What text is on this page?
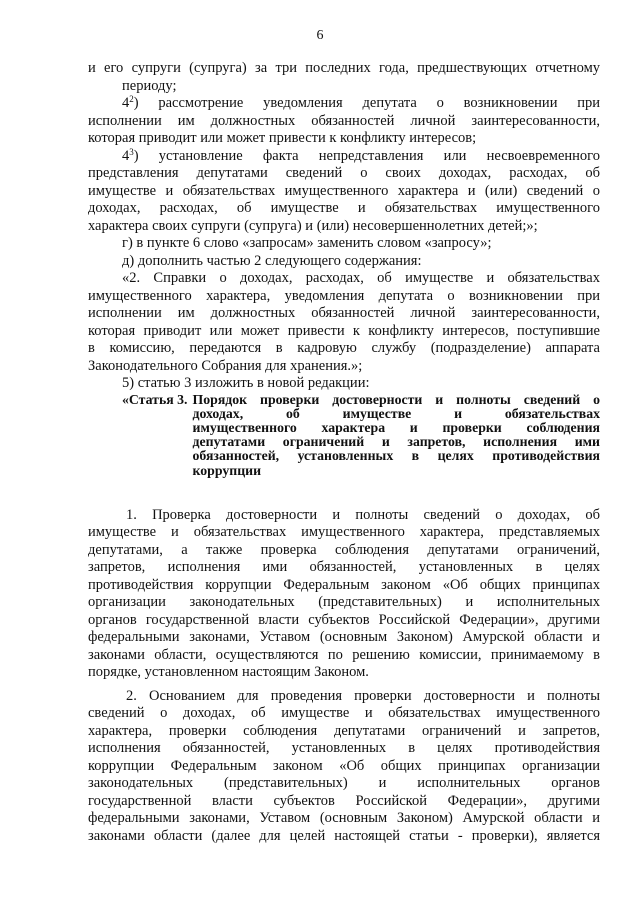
6
и его супруги (супруга) за три последних года, предшествующих отчетному
периоду;
$4^2$) рассмотрение уведомления депутата о возникновении при
исполнении им должностных обязанностей личной заинтересованности,
которая приводит или может привести к конфликту интересов;
$4^3$) установление факта непредставления или несвоевременного
представления депутатами сведений о своих доходах, расходах, об
имуществе и обязательствах имущественного характера и (или) сведений о
доходах, расходах, об имуществе и обязательствах имущественного
характера своих супруги (супруга) и (или) несовершеннолетних детей;»;
г) в пункте 6 слово «запросам» заменить словом «запросу»;
д) дополнить частью 2 следующего содержания:
«2. Справки о доходах, расходах, об имуществе и обязательствах
имущественного характера, уведомления депутата о возникновении при
исполнении им должностных обязанностей личной заинтересованности,
которая приводит или может привести к конфликту интересов, поступившие
в комиссию, передаются в кадровую службу (подразделение) аппарата
Законодательного Собрания для хранения.»;
5) статью 3 изложить в новой редакции:
«Статья 3. Порядок проверки достоверности и полноты сведений о
доходах, об имуществе и обязательствах
имущественного характера и проверки соблюдения
депутатами ограничений и запретов, исполнения ими
обязанностей, установленных в целях противодействия
коррупции
1. Проверка достоверности и полноты сведений о доходах, об
имуществе и обязательствах имущественного характера, представляемых
депутатами, а также проверка соблюдения депутатами ограничений,
запретов, исполнения ими обязанностей, установленных в целях
противодействия коррупции Федеральным законом «Об общих принципах
организации законодательных (представительных) и исполнительных
органов государственной власти субъектов Российской Федерации», другими
федеральными законами, Уставом (основным Законом) Амурской области и
законами области, осуществляются по решению комиссии, принимаемому в
порядке, установленном настоящим Законом.
2. Основанием для проведения проверки достоверности и полноты
сведений о доходах, об имуществе и обязательствах имущественного
характера, проверки соблюдения депутатами ограничений и запретов,
исполнения обязанностей, установленных в целях противодействия
коррупции Федеральным законом «Об общих принципах организации
законодательных (представительных) и исполнительных органов
государственной власти субъектов Российской Федерации», другими
федеральными законами, Уставом (основным Законом) Амурской области и
законами области (далее для целей настоящей статьи - проверки), является
